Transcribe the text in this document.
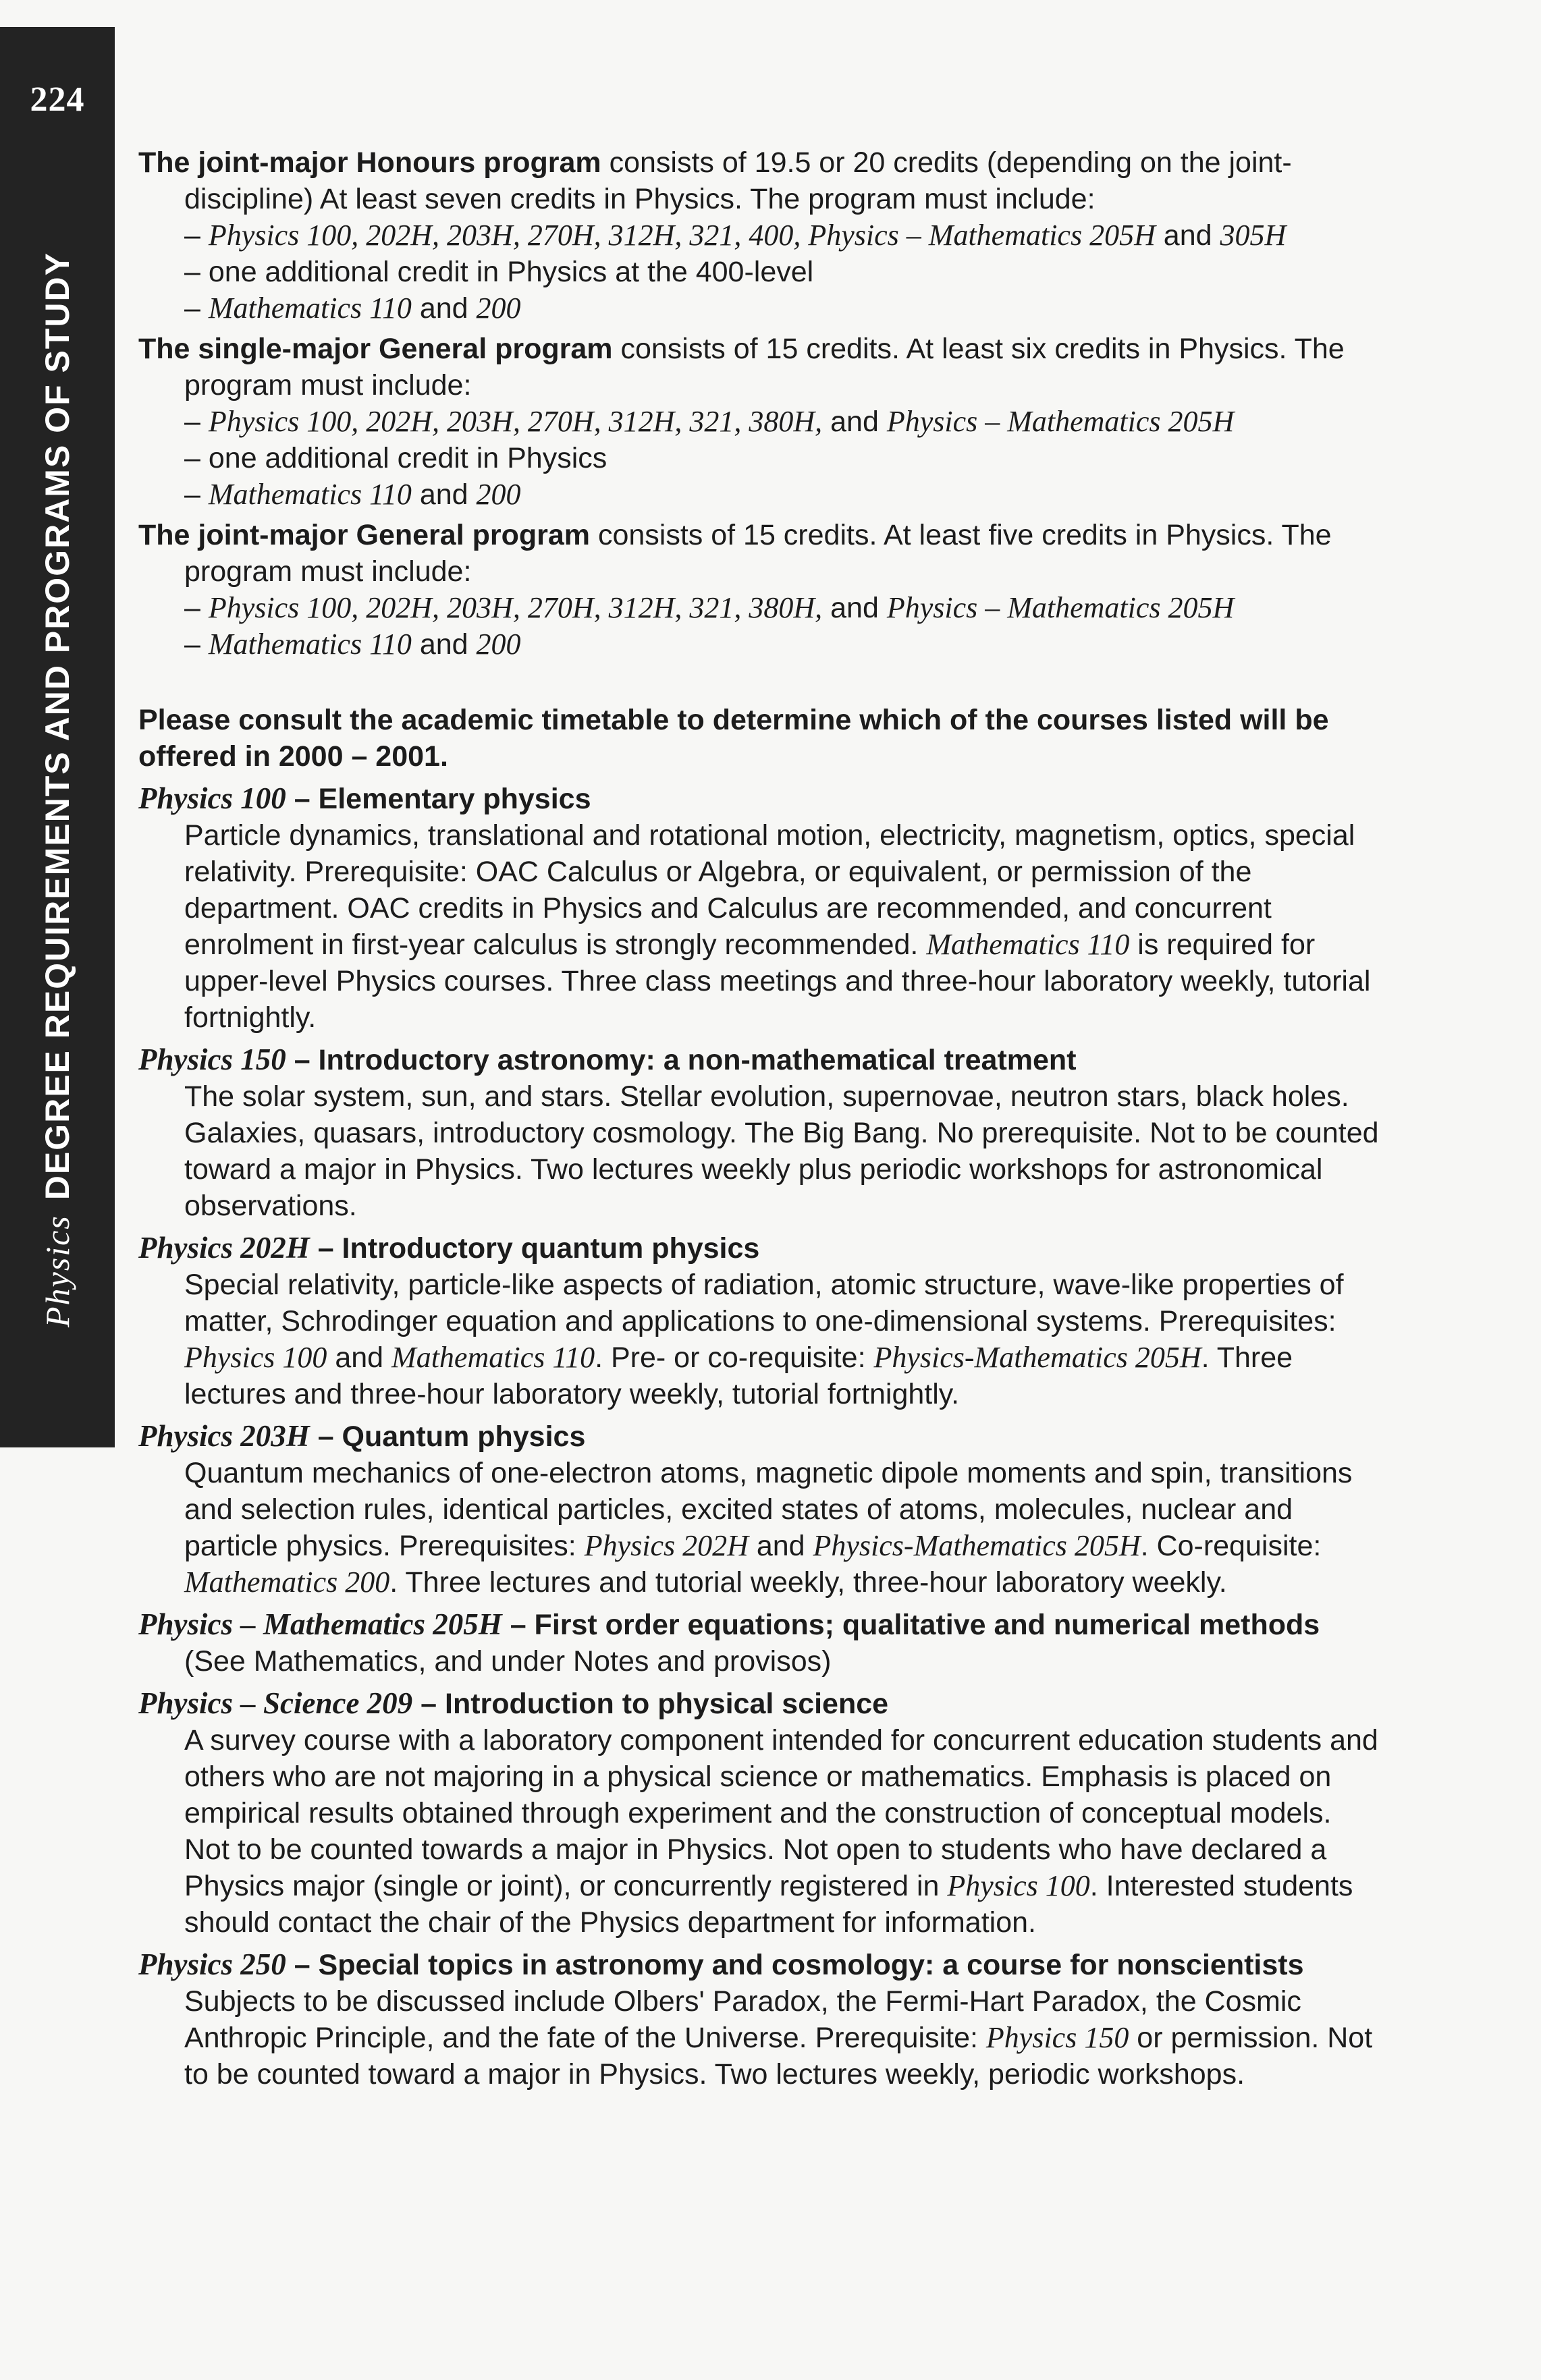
224
PhysicsDEGREE REQUIREMENTS AND PROGRAMS OF STUDY
The joint-major Honours program consists of 19.5 or 20 credits (depending on the joint-discipline) At least seven credits in Physics. The program must include:
– Physics 100, 202H, 203H, 270H, 312H, 321, 400, Physics – Mathematics 205H and 305H
– one additional credit in Physics at the 400-level
– Mathematics 110 and 200
The single-major General program consists of 15 credits. At least six credits in Physics. The program must include:
– Physics 100, 202H, 203H, 270H, 312H, 321, 380H, and Physics – Mathematics 205H
– one additional credit in Physics
– Mathematics 110 and 200
The joint-major General program consists of 15 credits. At least five credits in Physics. The program must include:
– Physics 100, 202H, 203H, 270H, 312H, 321, 380H, and Physics – Mathematics 205H
– Mathematics 110 and 200
Please consult the academic timetable to determine which of the courses listed will be offered in 2000 – 2001.
Physics 100 – Elementary physics
Particle dynamics, translational and rotational motion, electricity, magnetism, optics, special relativity. Prerequisite: OAC Calculus or Algebra, or equivalent, or permission of the department. OAC credits in Physics and Calculus are recommended, and concurrent enrolment in first-year calculus is strongly recommended. Mathematics 110 is required for upper-level Physics courses. Three class meetings and three-hour laboratory weekly, tutorial fortnightly.
Physics 150 – Introductory astronomy: a non-mathematical treatment
The solar system, sun, and stars. Stellar evolution, supernovae, neutron stars, black holes. Galaxies, quasars, introductory cosmology. The Big Bang. No prerequisite. Not to be counted toward a major in Physics. Two lectures weekly plus periodic workshops for astronomical observations.
Physics 202H – Introductory quantum physics
Special relativity, particle-like aspects of radiation, atomic structure, wave-like properties of matter, Schrodinger equation and applications to one-dimensional systems. Prerequisites: Physics 100 and Mathematics 110. Pre- or co-requisite: Physics-Mathematics 205H. Three lectures and three-hour laboratory weekly, tutorial fortnightly.
Physics 203H – Quantum physics
Quantum mechanics of one-electron atoms, magnetic dipole moments and spin, transitions and selection rules, identical particles, excited states of atoms, molecules, nuclear and particle physics. Prerequisites: Physics 202H and Physics-Mathematics 205H. Co-requisite: Mathematics 200. Three lectures and tutorial weekly, three-hour laboratory weekly.
Physics – Mathematics 205H – First order equations; qualitative and numerical methods (See Mathematics, and under Notes and provisos)
Physics – Science 209 – Introduction to physical science
A survey course with a laboratory component intended for concurrent education students and others who are not majoring in a physical science or mathematics. Emphasis is placed on empirical results obtained through experiment and the construction of conceptual models. Not to be counted towards a major in Physics. Not open to students who have declared a Physics major (single or joint), or concurrently registered in Physics 100. Interested students should contact the chair of the Physics department for information.
Physics 250 – Special topics in astronomy and cosmology: a course for nonscientists
Subjects to be discussed include Olbers' Paradox, the Fermi-Hart Paradox, the Cosmic Anthropic Principle, and the fate of the Universe. Prerequisite: Physics 150 or permission. Not to be counted toward a major in Physics. Two lectures weekly, periodic workshops.
